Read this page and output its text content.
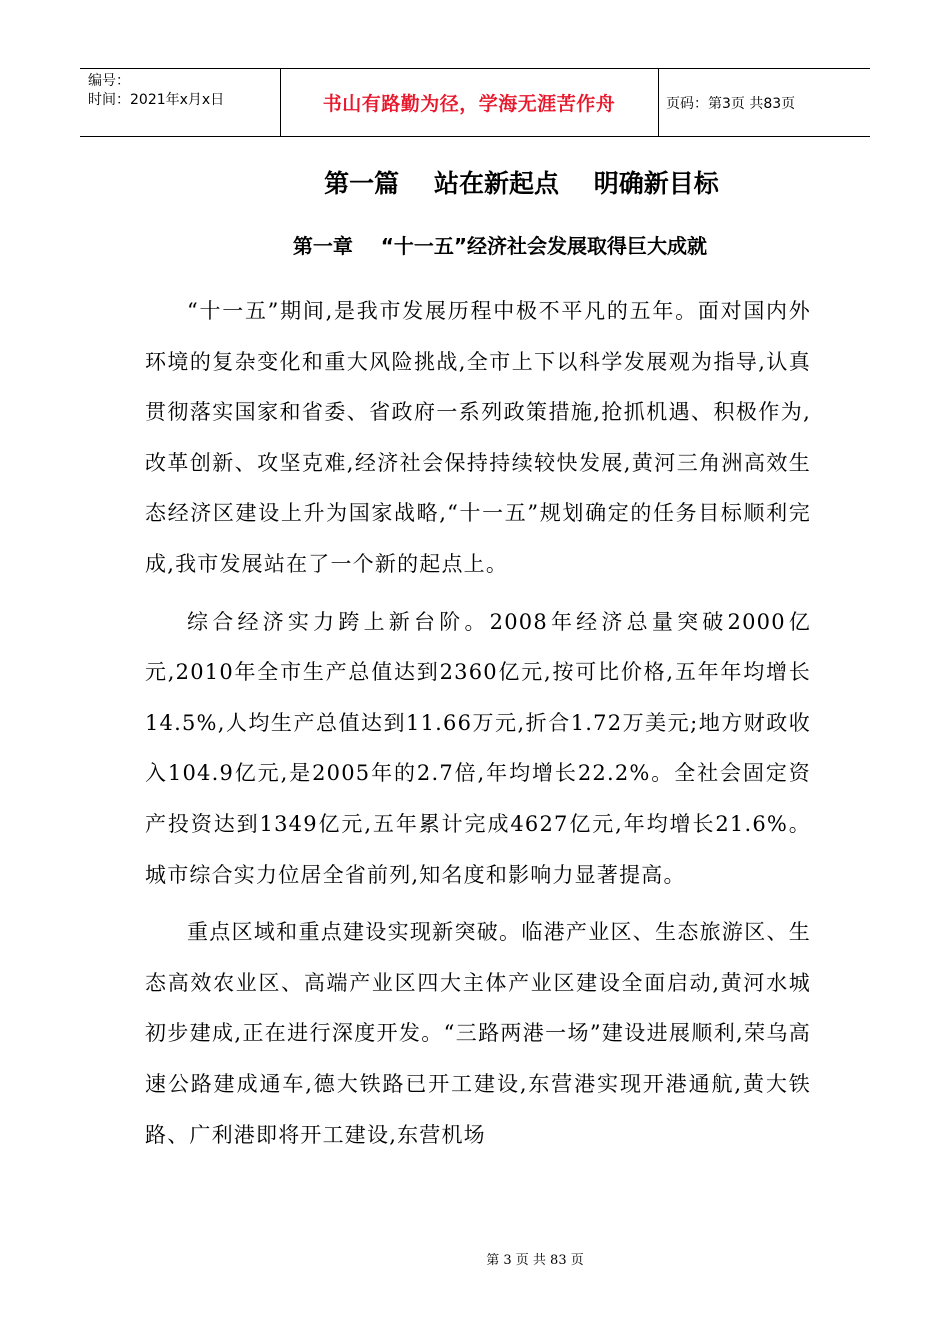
编号：
时间：2021年x月x日	书山有路勤为径，学海无涯苦作舟	页码：第3页 共83页
第一篇    站在新起点    明确新目标
第一章    “十一五”经济社会发展取得巨大成就

“十一五”期间,是我市发展历程中极不平凡的五年。面对国内外环境的复杂变化和重大风险挑战,全市上下以科学发展观为指导,认真贯彻落实国家和省委、省政府一系列政策措施,抢抓机遇、积极作为,改革创新、攻坚克难,经济社会保持持续较快发展,黄河三角洲高效生态经济区建设上升为国家战略,“十一五”规划确定的任务目标顺利完成,我市发展站在了一个新的起点上。

综合经济实力跨上新台阶。2008年经济总量突破2000亿元,2010年全市生产总值达到2360亿元,按可比价格,五年年均增长14.5%,人均生产总值达到11.66万元,折合1.72万美元;地方财政收入104.9亿元,是2005年的2.7倍,年均增长22.2%。全社会固定资产投资达到1349亿元,五年累计完成4627亿元,年均增长21.6%。城市综合实力位居全省前列,知名度和影响力显著提高。

重点区域和重点建设实现新突破。临港产业区、生态旅游区、生态高效农业区、高端产业区四大主体产业区建设全面启动,黄河水城初步建成,正在进行深度开发。“三路两港一场”建设进展顺利,荣乌高速公路建成通车,德大铁路已开工建设,东营港实现开港通航,黄大铁路、广利港即将开工建设,东营机场

第 3 页 共 83 页
